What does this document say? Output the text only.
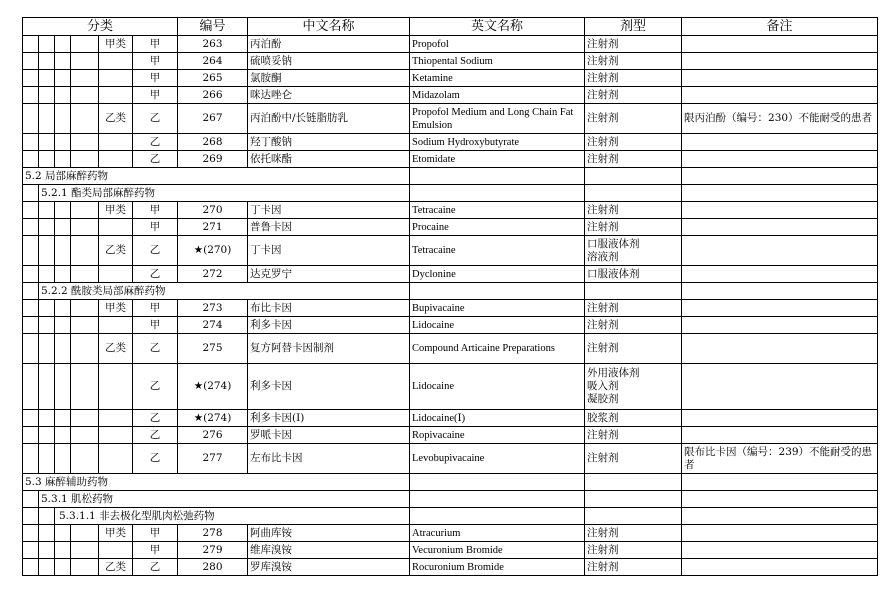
分类						编号	中文名称	英文名称	剂型	备注	
				甲类	甲	263	丙泊酚	Propofol	注射剂		
					甲	264	硫喷妥钠	Thiopental Sodium	注射剂		
					甲	265	氯胺酮	Ketamine	注射剂		
					甲	266	咪达唑仑	Midazolam	注射剂		
				乙类	乙	267	丙泊酚中/长链脂肪乳	Propofol Medium and Long Chain Fat Emulsion	注射剂	限丙泊酚（编号：230）不能耐受的患者	
					乙	268	羟丁酸钠	Sodium Hydroxybutyrate	注射剂		
					乙	269	依托咪酯	Etomidate	注射剂		
5.2 局部麻醉药物											
	5.2.1 酯类局部麻醉药物										
				甲类	甲	270	丁卡因	Tetracaine	注射剂		
					甲	271	普鲁卡因	Procaine	注射剂		
				乙类	乙	★(270)	丁卡因	Tetracaine	口服液体剂
溶液剂		
					乙	272	达克罗宁	Dyclonine	口服液体剂		
	5.2.2 酰胺类局部麻醉药物										
				甲类	甲	273	布比卡因	Bupivacaine	注射剂		
					甲	274	利多卡因	Lidocaine	注射剂		
				乙类	乙	275	复方阿替卡因制剂	Compound Articaine Preparations	注射剂		
					乙	★(274)	利多卡因	Lidocaine	外用液体剂
吸入剂
凝胶剂		
					乙	★(274)	利多卡因(Ⅰ)	Lidocaine(Ⅰ)	胶浆剂		
					乙	276	罗哌卡因	Ropivacaine	注射剂		
					乙	277	左布比卡因	Levobupivacaine	注射剂	限布比卡因（编号：239）不能耐受的患者	
5.3 麻醉辅助药物											
	5.3.1 肌松药物										
		5.3.1.1 非去极化型肌肉松弛药物									
				甲类	甲	278	阿曲库铵	Atracurium	注射剂		
					甲	279	维库溴铵	Vecuronium Bromide	注射剂		
				乙类	乙	280	罗库溴铵	Rocuronium Bromide	注射剂		
